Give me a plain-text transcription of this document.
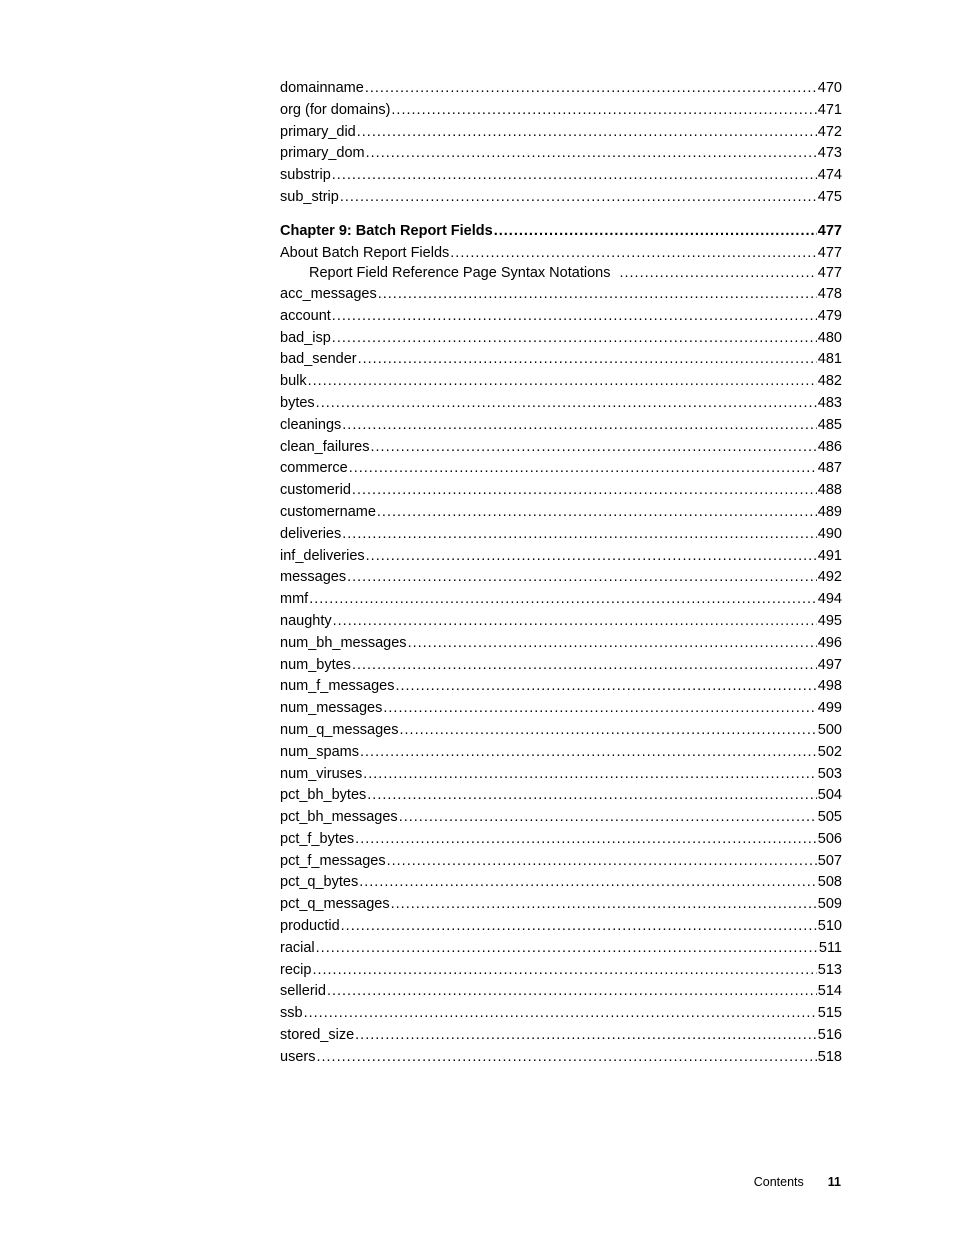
domainname .....	470
org (for domains) .....	471
primary_did .....	472
primary_dom .....	473
substrip .....	474
sub_strip .....	475
Chapter 9: Batch Report Fields .....	477
About Batch Report Fields .....	477
Report Field Reference Page Syntax Notations .....	477
acc_messages .....	478
account .....	479
bad_isp .....	480
bad_sender .....	481
bulk .....	482
bytes .....	483
cleanings .....	485
clean_failures .....	486
commerce .....	487
customerid .....	488
customername .....	489
deliveries .....	490
inf_deliveries .....	491
messages .....	492
mmf .....	494
naughty .....	495
num_bh_messages .....	496
num_bytes .....	497
num_f_messages .....	498
num_messages .....	499
num_q_messages .....	500
num_spams .....	502
num_viruses .....	503
pct_bh_bytes .....	504
pct_bh_messages .....	505
pct_f_bytes .....	506
pct_f_messages .....	507
pct_q_bytes .....	508
pct_q_messages .....	509
productid .....	510
racial .....	511
recip .....	513
sellerid .....	514
ssb .....	515
stored_size .....	516
users .....	518
Contents 11
